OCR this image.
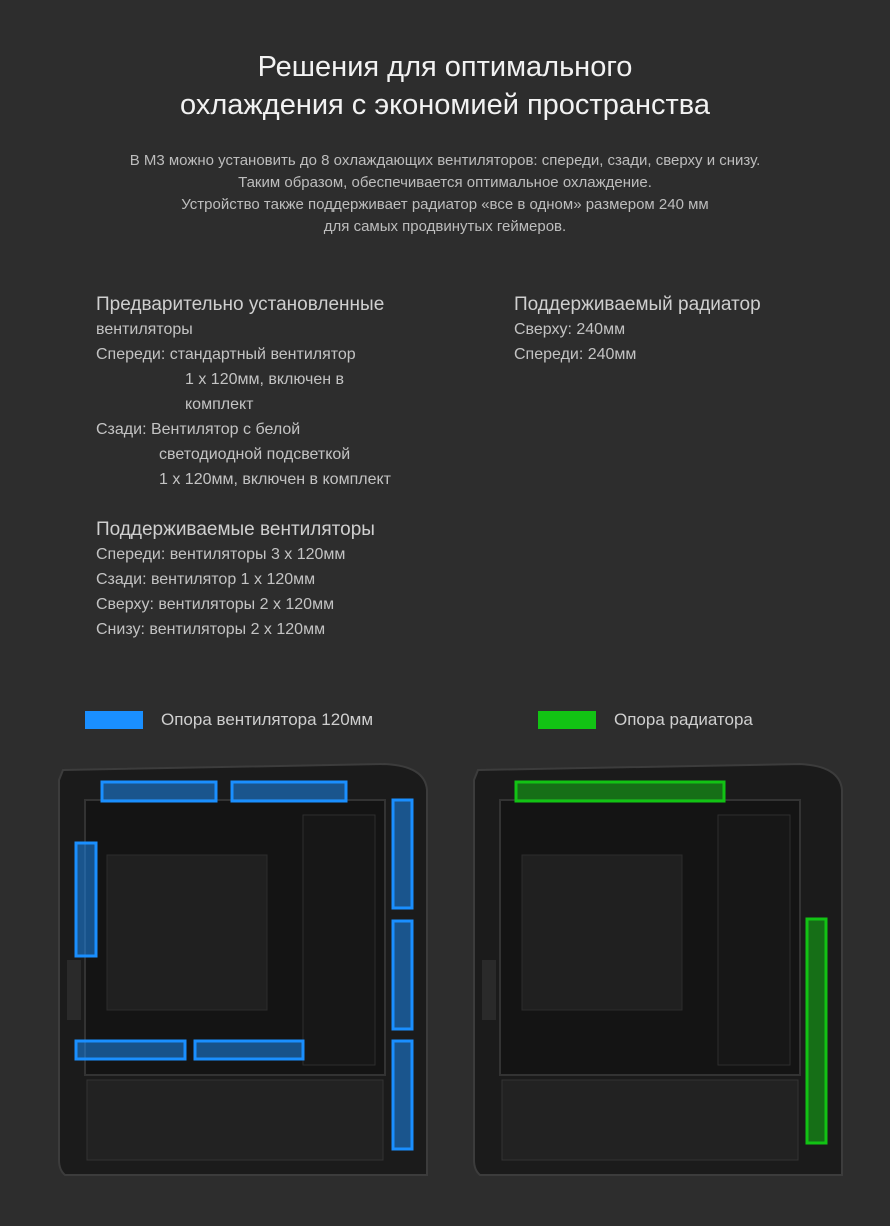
Решения для оптимального
охлаждения с экономией пространства
В M3 можно установить до 8 охлаждающих вентиляторов: спереди, сзади, сверху и снизу.
Таким образом, обеспечивается оптимальное охлаждение.
Устройство также поддерживает радиатор «все в одном» размером 240 мм
для самых продвинутых геймеров.
Предварительно установленные
вентиляторы
Спереди: стандартный вентилятор
1 x 120мм, включен в
комплект
Сзади: Вентилятор с белой
светодиодной подсветкой
1 x 120мм, включен в комплект
Поддерживаемые вентиляторы
Спереди: вентиляторы 3 x 120мм
Сзади: вентилятор 1 x 120мм
Сверху: вентиляторы 2 x 120мм
Снизу: вентиляторы 2 x 120мм
Поддерживаемый радиатор
Сверху: 240мм
Спереди: 240мм
Опора вентилятора 120мм	Опора радиатора
